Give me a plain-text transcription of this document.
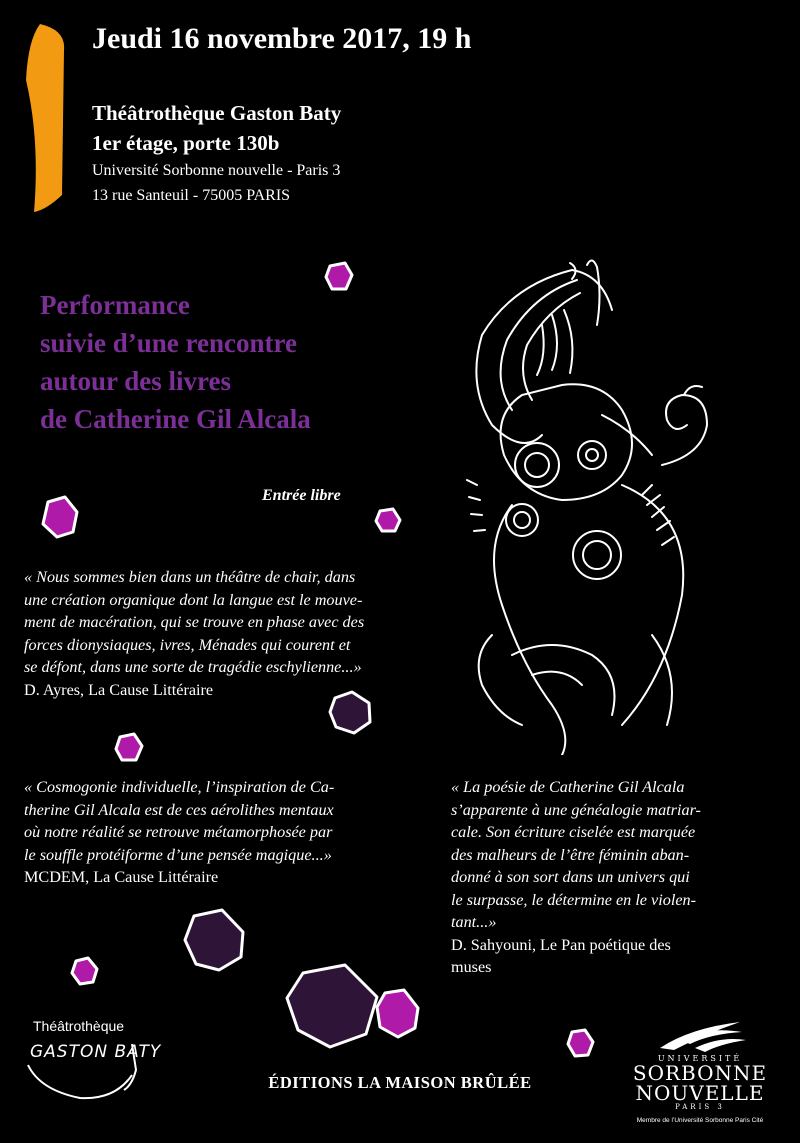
Jeudi 16 novembre 2017, 19 h
Théâtrothèque Gaston Baty
1er étage, porte 130b
Université Sorbonne nouvelle - Paris 3
13 rue Santeuil - 75005 PARIS
Performance
suivie d’une rencontre
autour des livres
de Catherine Gil Alcala
Entrée libre
« Nous sommes bien dans un théâtre de chair, dans
une création organique dont la langue est le mouve-
ment de macération, qui se trouve en phase avec des
forces dionysiaques, ivres, Ménades qui courent et
se défont, dans une sorte de tragédie eschylienne...»
D. Ayres, La Cause Littéraire
« Cosmogonie individuelle, l’inspiration de Ca-
therine Gil Alcala est de ces aérolithes mentaux
où notre réalité se retrouve métamorphosée par
le souffle protéiforme d’une pensée magique...»
MCDEM, La Cause Littéraire
« La poésie de Catherine Gil Alcala
s’apparente à une généalogie matriar-
cale. Son écriture ciselée est marquée
des malheurs de l’être féminin aban-
donné à son sort dans un univers qui
le surpasse, le détermine en le violen-
tant...»
D. Sahyouni, Le Pan poétique des
muses
Théâtrothèque
GASTON BATY
ÉDITIONS LA MAISON BRÛLÉE
UNIVERSITÉ
SORBONNE
NOUVELLE
PARIS 3
Membre de l’Université Sorbonne Paris Cité
